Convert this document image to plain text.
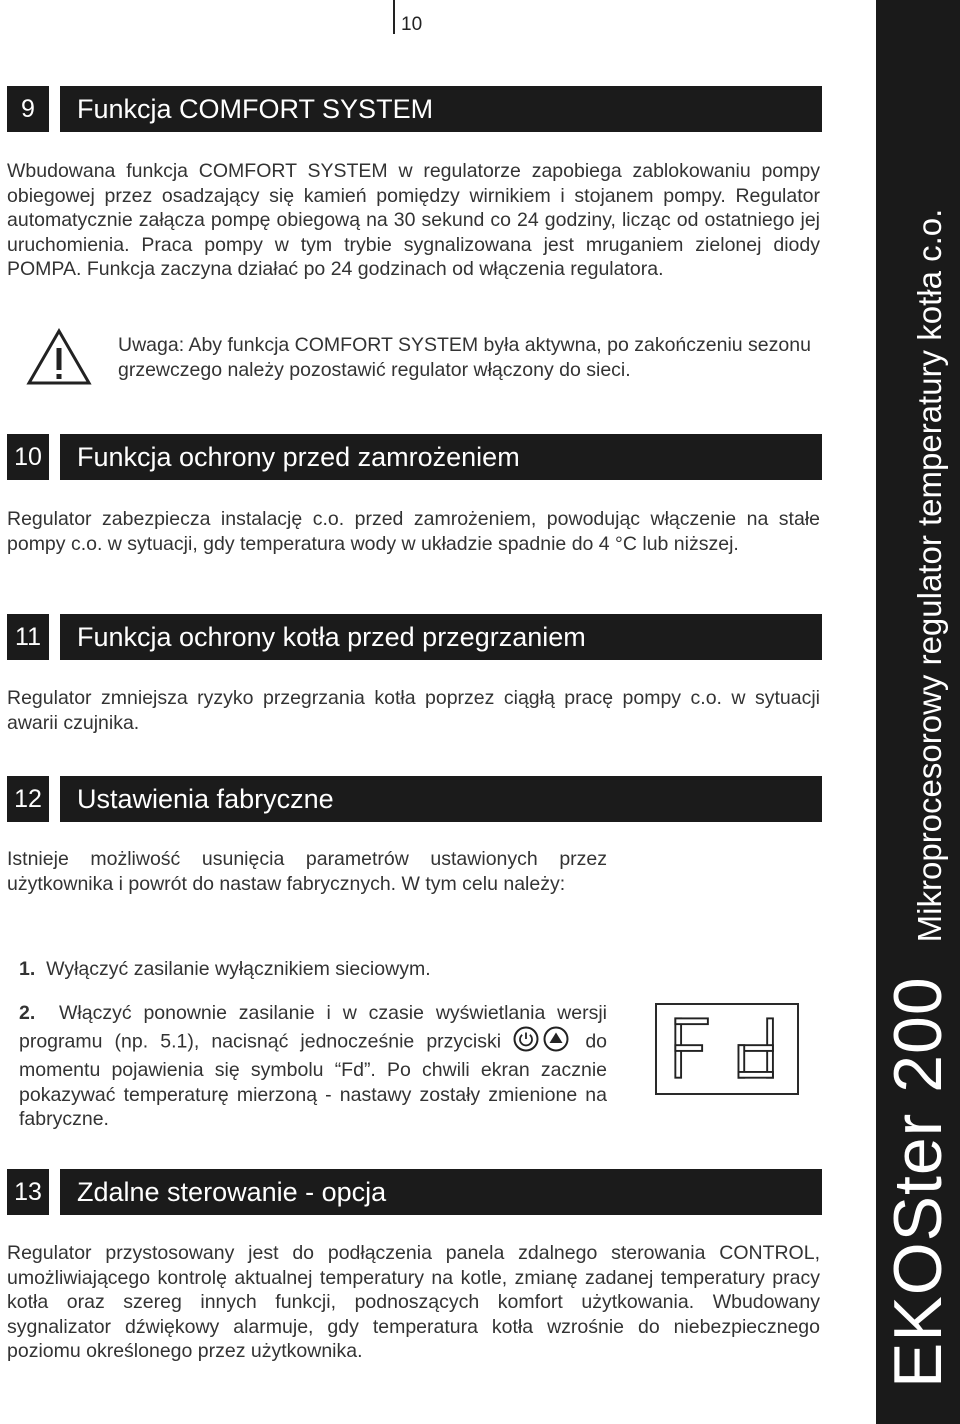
10
EKOSter 200Mikroprocesorowy regulator temperatury kotła c.o.
9	Funkcja COMFORT SYSTEM
Wbudowana funkcja COMFORT SYSTEM w regulatorze zapobiega zablokowaniu pompy obiegowej przez osadzający się kamień pomiędzy wirnikiem i stojanem pompy. Regulator automatycznie załącza pompę obiegową na 30 sekund co 24 godziny, licząc od ostatniego jej uruchomienia. Praca pompy w tym trybie sygnalizowana jest mruganiem zielonej diody POMPA. Funkcja zaczyna działać po 24 godzinach od włączenia regulatora.
Uwaga: Aby funkcja COMFORT SYSTEM była aktywna, po zakończeniu sezonu grzewczego należy pozostawić regulator włączony do sieci.
10	Funkcja ochrony przed zamrożeniem
Regulator zabezpiecza instalację c.o. przed zamrożeniem, powodując włączenie na stałe pompy c.o. w sytuacji, gdy temperatura wody w układzie spadnie do 4 °C lub niższej.
11	Funkcja ochrony kotła przed przegrzaniem
Regulator zmniejsza ryzyko przegrzania kotła poprzez ciągłą pracę pompy c.o. w sytuacji awarii czujnika.
12	Ustawienia fabryczne
Istnieje możliwość usunięcia parametrów ustawionych przez użytkownika i powrót do nastaw fabrycznych. W tym celu należy:
1. Wyłączyć zasilanie wyłącznikiem sieciowym.
2. Włączyć ponownie zasilanie i w czasie wyświetlania wersji programu (np. 5.1), nacisnąć jednocześnie przyciski	do momentu pojawienia się symbolu “Fd”. Po chwili ekran zacznie pokazywać temperaturę mierzoną - nastawy zostały zmienione na fabryczne.
13	Zdalne sterowanie - opcja
Regulator przystosowany jest do podłączenia panela zdalnego sterowania CONTROL, umożliwiającego kontrolę aktualnej temperatury na kotle, zmianę zadanej temperatury pracy kotła oraz szereg innych funkcji, podnoszących komfort użytkowania. Wbudowany sygnalizator dźwiękowy alarmuje, gdy temperatura kotła wzrośnie do niebezpiecznego poziomu określonego przez użytkownika.
